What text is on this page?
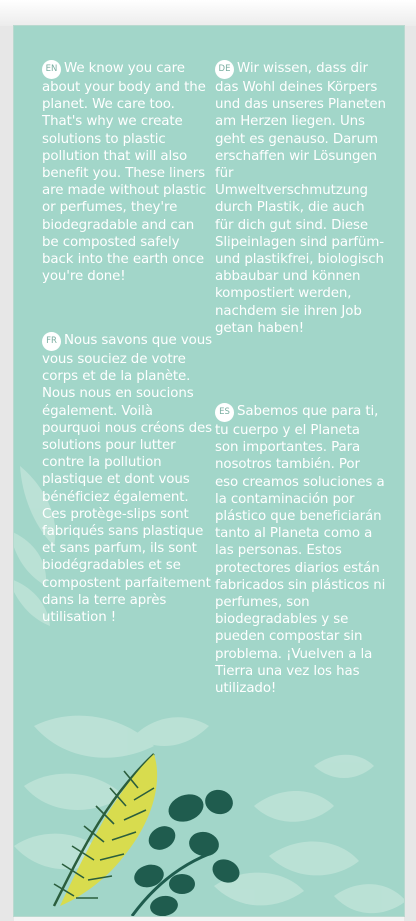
EN We know you care about your body and the planet. We care too. That's why we create solutions to plastic pollution that will also benefit you. These liners are made without plastic or perfumes, they're biodegradable and can be composted safely back into the earth once you're done!
DE Wir wissen, dass dir das Wohl deines Körpers und das unseres Planeten am Herzen liegen. Uns geht es genauso. Darum erschaffen wir Lösungen für Umweltverschmutzung durch Plastik, die auch für dich gut sind. Diese Slipeinlagen sind parfüm- und plastikfrei, biologisch abbaubar und können kompostiert werden, nachdem sie ihren Job getan haben!
FR Nous savons que vous vous souciez de votre corps et de la planète. Nous nous en soucions également. Voilà pourquoi nous créons des solutions pour lutter contre la pollution plastique et dont vous bénéficiez également. Ces protège-slips sont fabriqués sans plastique et sans parfum, ils sont biodégradables et se compostent parfaitement dans la terre après utilisation !
ES Sabemos que para ti, tu cuerpo y el Planeta son importantes. Para nosotros también. Por eso creamos soluciones a la contaminación por plástico que beneficiarán tanto al Planeta como a las personas. Estos protectores diarios están fabricados sin plásticos ni perfumes, son biodegradables y se pueden compostar sin problema. ¡Vuelven a la Tierra una vez los has utilizado!
